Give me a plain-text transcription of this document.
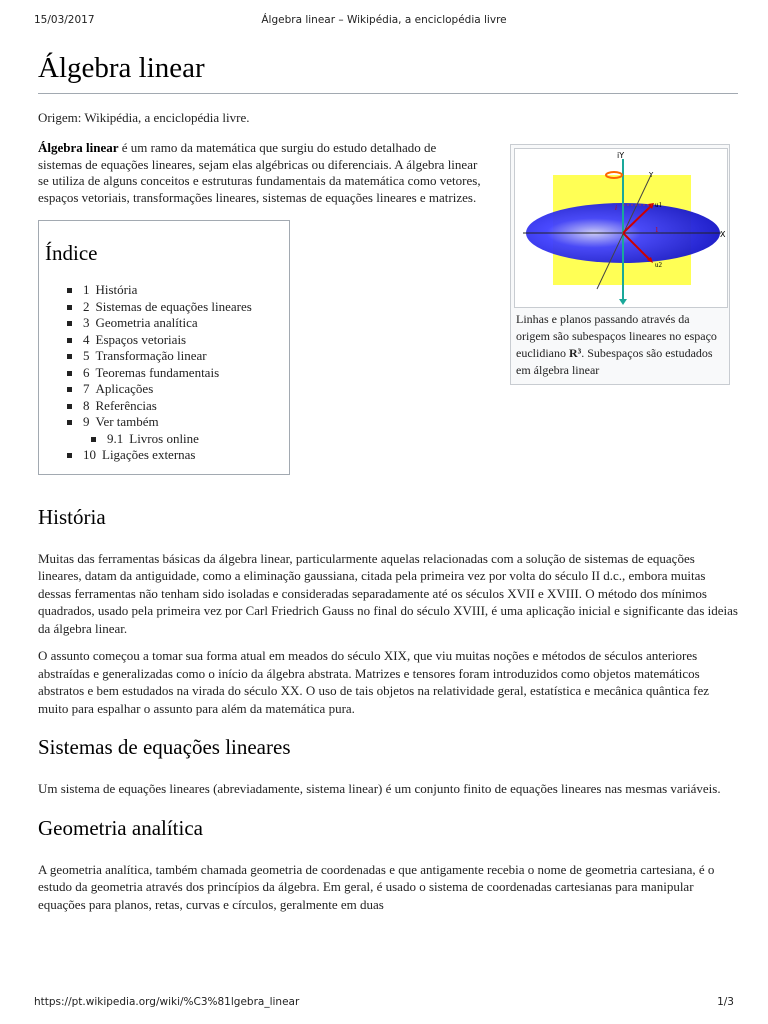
15/03/2017	Álgebra linear – Wikipédia, a enciclopédia livre
Álgebra linear

Origem: Wikipédia, a enciclopédia livre.

Álgebra linear é um ramo da matemática que surgiu do estudo detalhado de sistemas de equações lineares, sejam elas algébricas ou diferenciais. A álgebra linear se utiliza de alguns conceitos e estruturas fundamentais da matemática como vetores, espaços vetoriais, transformações lineares, sistemas de equações lineares e matrizes.

X
iY
Y
i	u1
u2
1
Linhas e planos passando através da origem são subespaços lineares no espaço euclidiano R³. Subespaços são estudados em álgebra linear
Índice
1 História
2 Sistemas de equações lineares
3 Geometria analítica
4 Espaços vetoriais
5 Transformação linear
6 Teoremas fundamentais
7 Aplicações
8 Referências
9 Ver também
9.1 Livros online
10 Ligações externas
História

Muitas das ferramentas básicas da álgebra linear, particularmente aquelas relacionadas com a solução de sistemas de equações lineares, datam da antiguidade, como a eliminação gaussiana, citada pela primeira vez por volta do século II d.c., embora muitas dessas ferramentas não tenham sido isoladas e consideradas separadamente até os séculos XVII e XVIII. O método dos mínimos quadrados, usado pela primeira vez por Carl Friedrich Gauss no final do século XVIII, é uma aplicação inicial e significante das ideias da álgebra linear.

O assunto começou a tomar sua forma atual em meados do século XIX, que viu muitas noções e métodos de séculos anteriores abstraídas e generalizadas como o início da álgebra abstrata. Matrizes e tensores foram introduzidos como objetos matemáticos abstratos e bem estudados na virada do século XX. O uso de tais objetos na relatividade geral, estatística e mecânica quântica fez muito para espalhar o assunto para além da matemática pura.

Sistemas de equações lineares

Um sistema de equações lineares (abreviadamente, sistema linear) é um conjunto finito de equações lineares nas mesmas variáveis.

Geometria analítica

A geometria analítica, também chamada geometria de coordenadas e que antigamente recebia o nome de geometria cartesiana, é o estudo da geometria através dos princípios da álgebra. Em geral, é usado o sistema de coordenadas cartesianas para manipular equações para planos, retas, curvas e círculos, geralmente em duas

https://pt.wikipedia.org/wiki/%C3%81lgebra_linear	1/3
